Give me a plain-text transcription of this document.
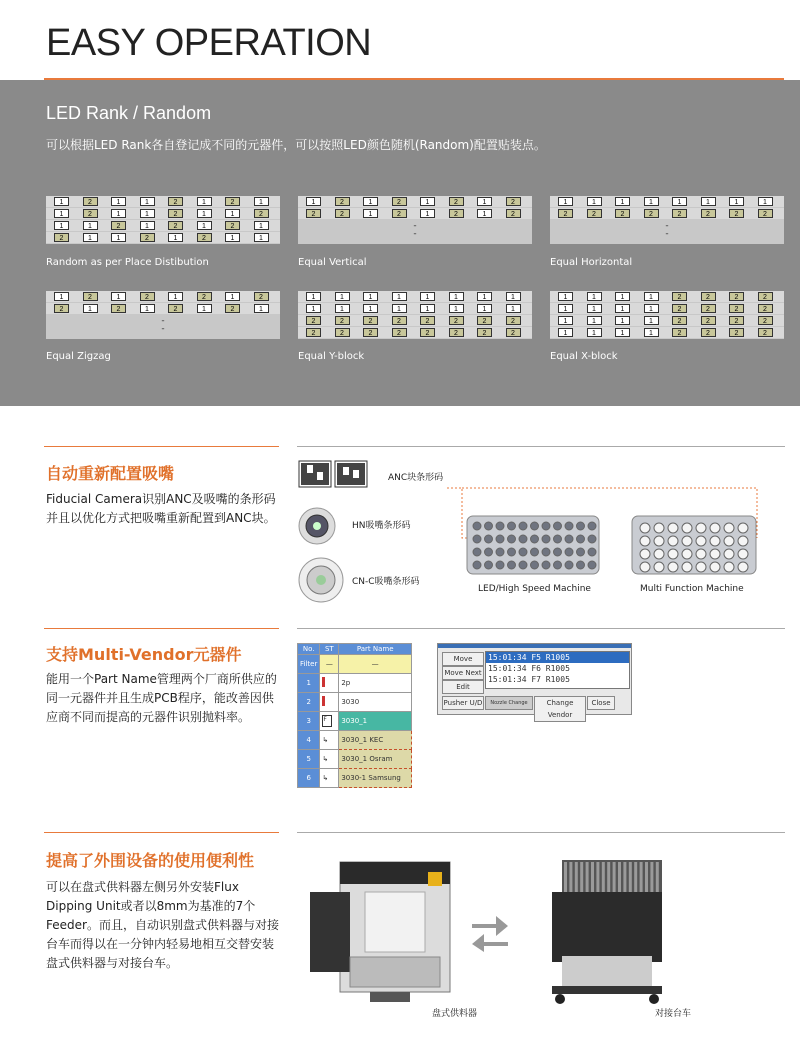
EASY OPERATION
LED Rank / Random
可以根据LED Rank各自登记成不同的元器件，可以按照LED颜色随机(Random)配置贴装点。
1	2	1	1	2	1	2	1
1	2	1	1	2	1	1	2
1	1	2	1	2	1	2	1
2	1	1	2	1	2	1	1
Random as per Place Distibution
1	2	1	2	1	2	1	2
2	2	1	2	1	2	1	2
-
-
Equal Vertical
1	1	1	1	1	1	1	1
2	2	2	2	2	2	2	2
-
-
Equal Horizontal
1	2	1	2	1	2	1	2
2	1	2	1	2	1	2	1
-
-
Equal Zigzag
1	1	1	1	1	1	1	1
1	1	1	1	1	1	1	1
2	2	2	2	2	2	2	2
2	2	2	2	2	2	2	2
Equal Y-block
1	1	1	1	2	2	2	2
1	1	1	1	2	2	2	2
1	1	1	1	2	2	2	2
1	1	1	1	2	2	2	2
Equal X-block
自动重新配置吸嘴
Fiducial Camera识别ANC及吸嘴的条形码并且以优化方式把吸嘴重新配置到ANC块。
ANC块条形码
HN吸嘴条形码
CN-C吸嘴条形码
LED/High Speed Machine	Multi Function Machine
支持Multi-Vendor元器件
能用一个Part Name管理两个厂商所供应的同一元器件并且生成PCB程序，能改善因供应商不同而提高的元器件识别抛料率。
No.	ST	Part Name
Filter	—	—
1		2p
2		3030
3	F	3030_1
4	↳	3030_1 KEC
5	↳	3030_1 Osram
6	↳	3030-1 Samsung
Move
Move Next
Edit
Pusher U/D
15:01:34 F5 R1005
15:01:34 F6 R1005
15:01:34 F7 R1005
Nozzle Change	Change Vendor
Close
提高了外围设备的使用便利性
可以在盘式供料器左侧另外安装Flux Dipping Unit或者以8mm为基准的7个Feeder。而且，自动识别盘式供料器与对接台车而得以在一分钟内轻易地相互交替安装盘式供料器与对接台车。
盘式供料器	对接台车
